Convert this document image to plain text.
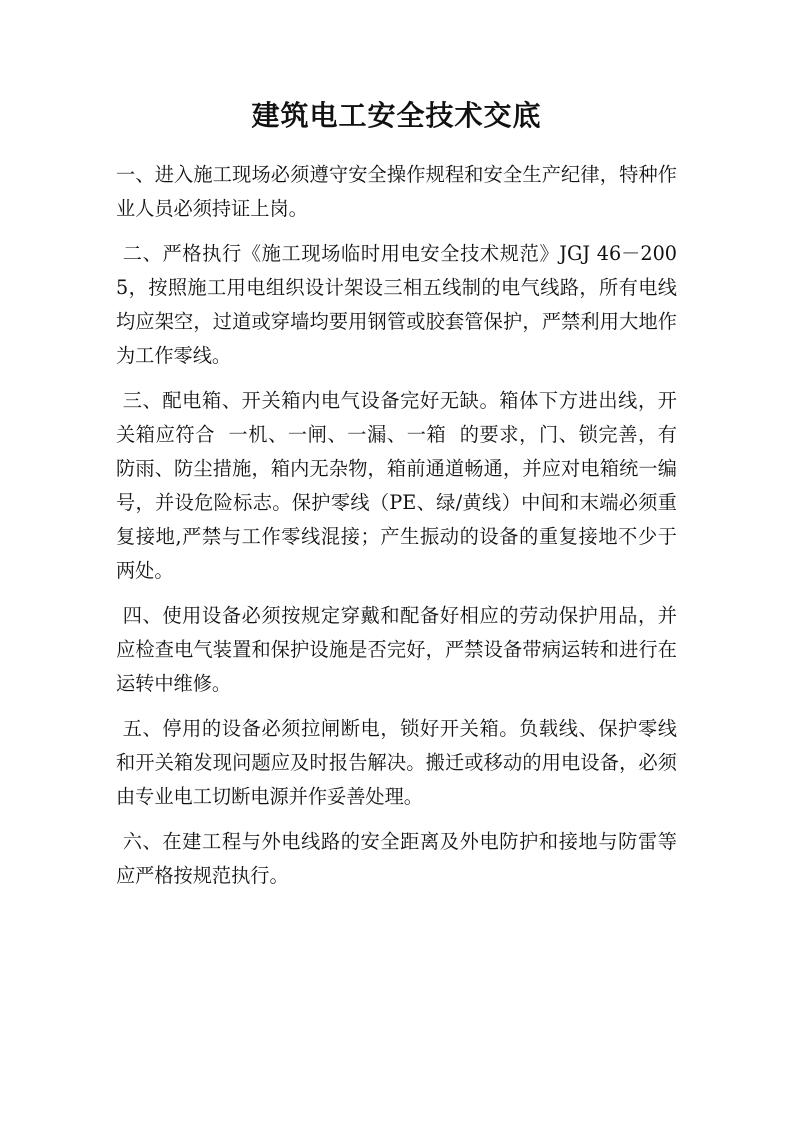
建筑电工安全技术交底

一、进入施工现场必须遵守安全操作规程和安全生产纪律，特种作业人员必须持证上岗。

二、严格执行《施工现场临时用电安全技术规范》JGJ 46－2005，按照施工用电组织设计架设三相五线制的电气线路，所有电线均应架空，过道或穿墙均要用钢管或胶套管保护，严禁利用大地作为工作零线。

三、配电箱、开关箱内电气设备完好无缺。箱体下方进出线，开关箱应符合  一机、一闸、一漏、一箱  的要求，门、锁完善，有防雨、防尘措施，箱内无杂物，箱前通道畅通，并应对电箱统一编号，并设危险标志。保护零线（PE、绿/黄线）中间和末端必须重复接地,严禁与工作零线混接；产生振动的设备的重复接地不少于两处。

四、使用设备必须按规定穿戴和配备好相应的劳动保护用品，并应检查电气装置和保护设施是否完好，严禁设备带病运转和进行在运转中维修。

五、停用的设备必须拉闸断电，锁好开关箱。负载线、保护零线和开关箱发现问题应及时报告解决。搬迁或移动的用电设备，必须由专业电工切断电源并作妥善处理。

六、在建工程与外电线路的安全距离及外电防护和接地与防雷等应严格按规范执行。
